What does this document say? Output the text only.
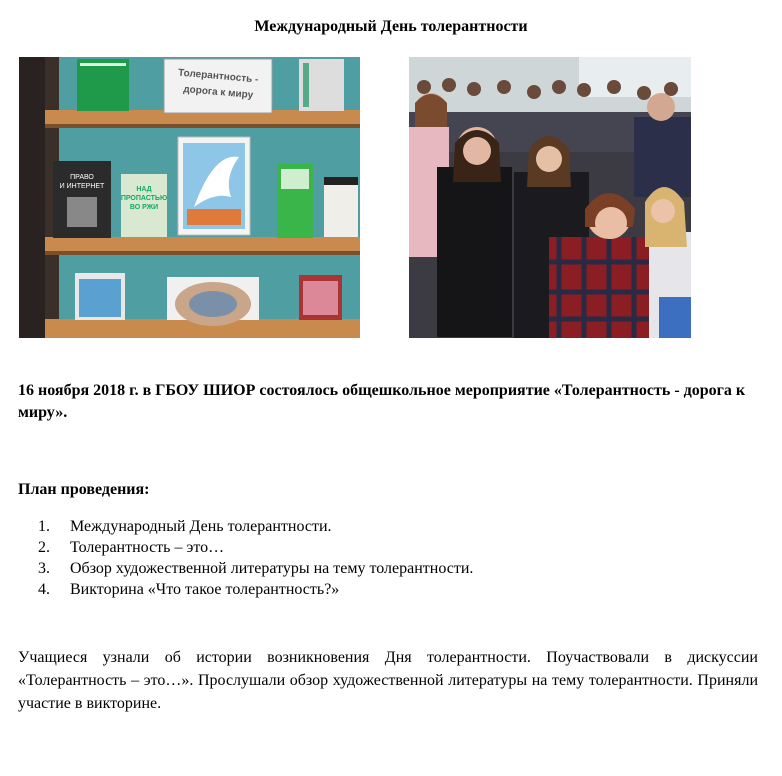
Международный День толерантности
Толерантность -
дорога к миру
ПРАВО
И ИНТЕРНЕТ	НАД
ПРОПАСТЬЮ
ВО РЖИ
16 ноября 2018 г. в ГБОУ ШИОР состоялось общешкольное мероприятие «Толерантность - дорога к миру».
План проведения:
1.	Международный День толерантности.
2.	Толерантность – это…
3.	Обзор художественной литературы на тему толерантности.
4.	Викторина «Что такое толерантность?»
Учащиеся узнали об истории возникновения Дня толерантности. Поучаствовали в дискуссии «Толерантность – это…». Прослушали обзор художественной литературы на тему толерантности. Приняли участие в викторине.
